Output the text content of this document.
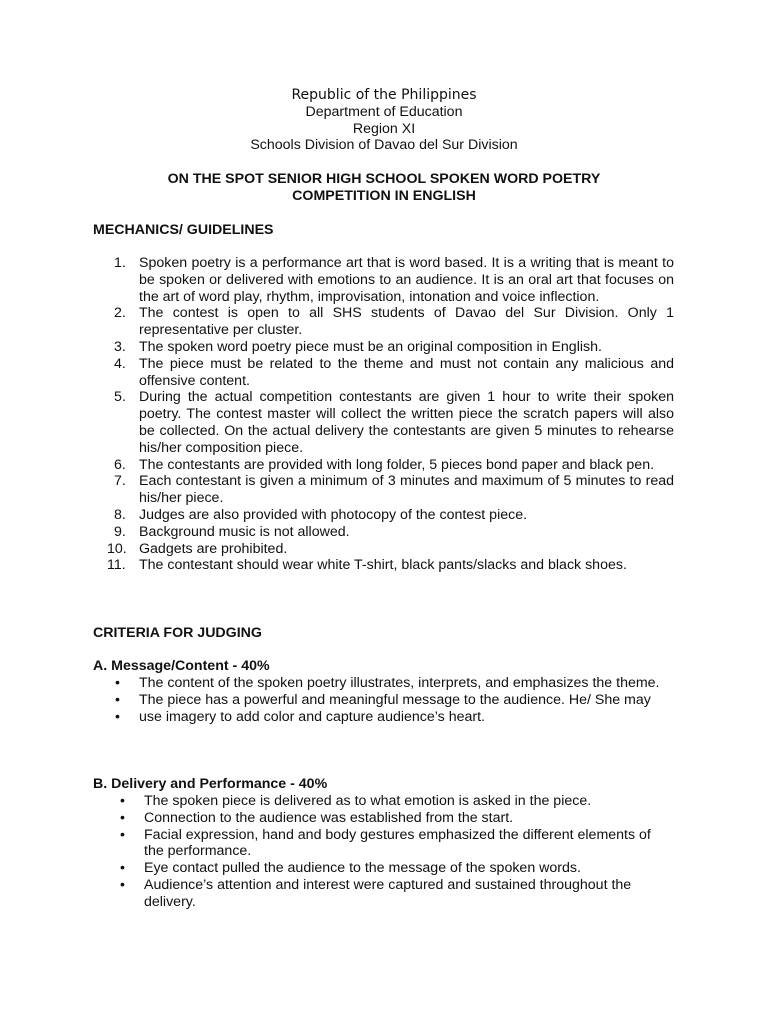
Republic of the Philippines
Department of Education
Region XI
Schools Division of Davao del Sur Division
ON THE SPOT SENIOR HIGH SCHOOL SPOKEN WORD POETRY
COMPETITION IN ENGLISH
MECHANICS/ GUIDELINES
1. Spoken poetry is a performance art that is word based. It is a writing that is meant to be spoken or delivered with emotions to an audience. It is an oral art that focuses on the art of word play, rhythm, improvisation, intonation and voice inflection.
2. The contest is open to all SHS students of Davao del Sur Division. Only 1 representative per cluster.
3. The spoken word poetry piece must be an original composition in English.
4. The piece must be related to the theme and must not contain any malicious and offensive content.
5. During the actual competition contestants are given 1 hour to write their spoken poetry. The contest master will collect the written piece the scratch papers will also be collected. On the actual delivery the contestants are given 5 minutes to rehearse his/her composition piece.
6. The contestants are provided with long folder, 5 pieces bond paper and black pen.
7. Each contestant is given a minimum of 3 minutes and maximum of 5 minutes to read his/her piece.
8. Judges are also provided with photocopy of the contest piece.
9. Background music is not allowed.
10. Gadgets are prohibited.
11. The contestant should wear white T-shirt, black pants/slacks and black shoes.
CRITERIA FOR JUDGING
A. Message/Content - 40%
• The content of the spoken poetry illustrates, interprets, and emphasizes the theme.
• The piece has a powerful and meaningful message to the audience. He/ She may
• use imagery to add color and capture audience’s heart.
B. Delivery and Performance - 40%
• The spoken piece is delivered as to what emotion is asked in the piece.
• Connection to the audience was established from the start.
• Facial expression, hand and body gestures emphasized the different elements of the performance.
• Eye contact pulled the audience to the message of the spoken words.
• Audience’s attention and interest were captured and sustained throughout the delivery.
